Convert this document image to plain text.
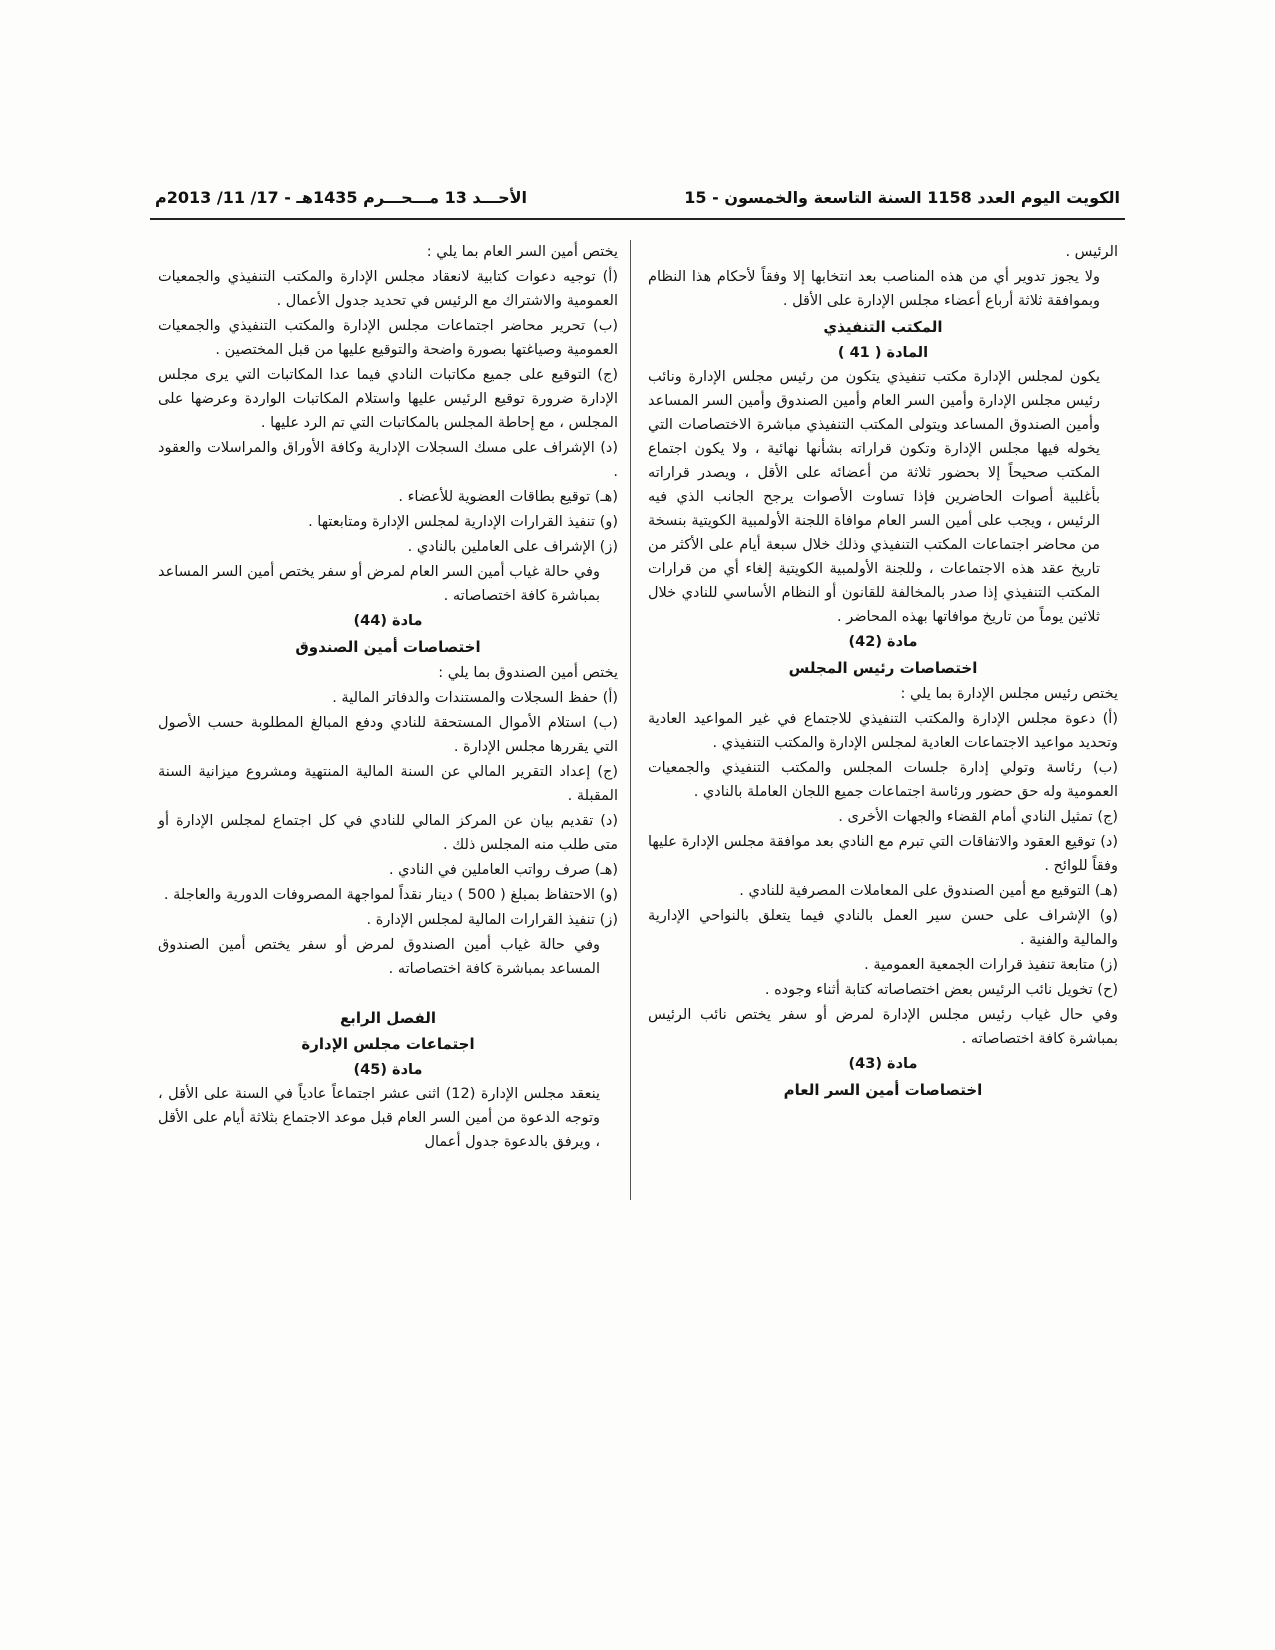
الكويت اليوم العدد 1158 السنة التاسعة والخمسون - 15
الأحـــد 13 مـــحـــرم 1435هـ - 17/ 11/ 2013م

الرئيس .

ولا يجوز تدوير أي من هذه المناصب بعد انتخابها إلا وفقاً لأحكام هذا النظام وبموافقة ثلاثة أرباع أعضاء مجلس الإدارة على الأقل .

المكتب التنفيذي

المادة ( 41 )

يكون لمجلس الإدارة مكتب تنفيذي يتكون من رئيس مجلس الإدارة ونائب رئيس مجلس الإدارة وأمين السر العام وأمين الصندوق وأمين السر المساعد وأمين الصندوق المساعد ويتولى المكتب التنفيذي مباشرة الاختصاصات التي يخوله فيها مجلس الإدارة وتكون قراراته بشأنها نهائية ، ولا يكون اجتماع المكتب صحيحاً إلا بحضور ثلاثة من أعضائه على الأقل ، ويصدر قراراته بأغلبية أصوات الحاضرين فإذا تساوت الأصوات يرجح الجانب الذي فيه الرئيس ، ويجب على أمين السر العام موافاة اللجنة الأولمبية الكويتية بنسخة من محاضر اجتماعات المكتب التنفيذي وذلك خلال سبعة أيام على الأكثر من تاريخ عقد هذه الاجتماعات ، وللجنة الأولمبية الكويتية إلغاء أي من قرارات المكتب التنفيذي إذا صدر بالمخالفة للقانون أو النظام الأساسي للنادي خلال ثلاثين يوماً من تاريخ موافاتها بهذه المحاضر .

مادة (42)

اختصاصات رئيس المجلس

يختص رئيس مجلس الإدارة بما يلي :

(أ) دعوة مجلس الإدارة والمكتب التنفيذي للاجتماع في غير المواعيد العادية وتحديد مواعيد الاجتماعات العادية لمجلس الإدارة والمكتب التنفيذي .

(ب) رئاسة وتولي إدارة جلسات المجلس والمكتب التنفيذي والجمعيات العمومية وله حق حضور ورئاسة اجتماعات جميع اللجان العاملة بالنادي .

(ج) تمثيل النادي أمام القضاء والجهات الأخرى .

(د) توقيع العقود والاتفاقات التي تبرم مع النادي بعد موافقة مجلس الإدارة عليها وفقاً للوائح .

(هـ) التوقيع مع أمين الصندوق على المعاملات المصرفية للنادي .

(و) الإشراف على حسن سير العمل بالنادي فيما يتعلق بالنواحي الإدارية والمالية والفنية .

(ز) متابعة تنفيذ قرارات الجمعية العمومية .

(ح) تخويل نائب الرئيس بعض اختصاصاته كتابة أثناء وجوده .

وفي حال غياب رئيس مجلس الإدارة لمرض أو سفر يختص نائب الرئيس بمباشرة كافة اختصاصاته .

مادة (43)

اختصاصات أمين السر العام

يختص أمين السر العام بما يلي :

(أ) توجيه دعوات كتابية لانعقاد مجلس الإدارة والمكتب التنفيذي والجمعيات العمومية والاشتراك مع الرئيس في تحديد جدول الأعمال .

(ب) تحرير محاضر اجتماعات مجلس الإدارة والمكتب التنفيذي والجمعيات العمومية وصياغتها بصورة واضحة والتوقيع عليها من قبل المختصين .

(ج) التوقيع على جميع مكاتبات النادي فيما عدا المكاتبات التي يرى مجلس الإدارة ضرورة توقيع الرئيس عليها واستلام المكاتبات الواردة وعرضها على المجلس ، مع إحاطة المجلس بالمكاتبات التي تم الرد عليها .

(د) الإشراف على مسك السجلات الإدارية وكافة الأوراق والمراسلات والعقود .

(هـ) توقيع بطاقات العضوية للأعضاء .

(و) تنفيذ القرارات الإدارية لمجلس الإدارة ومتابعتها .

(ز) الإشراف على العاملين بالنادي .

وفي حالة غياب أمين السر العام لمرض أو سفر يختص أمين السر المساعد بمباشرة كافة اختصاصاته .

مادة (44)

اختصاصات أمين الصندوق

يختص أمين الصندوق بما يلي :

(أ) حفظ السجلات والمستندات والدفاتر المالية .

(ب) استلام الأموال المستحقة للنادي ودفع المبالغ المطلوبة حسب الأصول التي يقررها مجلس الإدارة .

(ج) إعداد التقرير المالي عن السنة المالية المنتهية ومشروع ميزانية السنة المقبلة .

(د) تقديم بيان عن المركز المالي للنادي في كل اجتماع لمجلس الإدارة أو متى طلب منه المجلس ذلك .

(هـ) صرف رواتب العاملين في النادي .

(و) الاحتفاظ بمبلغ ( 500 ) دينار نقداً لمواجهة المصروفات الدورية والعاجلة .

(ز) تنفيذ القرارات المالية لمجلس الإدارة .

وفي حالة غياب أمين الصندوق لمرض أو سفر يختص أمين الصندوق المساعد بمباشرة كافة اختصاصاته .

الفصل الرابع

اجتماعات مجلس الإدارة

مادة (45)

ينعقد مجلس الإدارة (12) اثنى عشر اجتماعاً عادياً في السنة على الأقل ، وتوجه الدعوة من أمين السر العام قبل موعد الاجتماع بثلاثة أيام على الأقل ، ويرفق بالدعوة جدول أعمال
